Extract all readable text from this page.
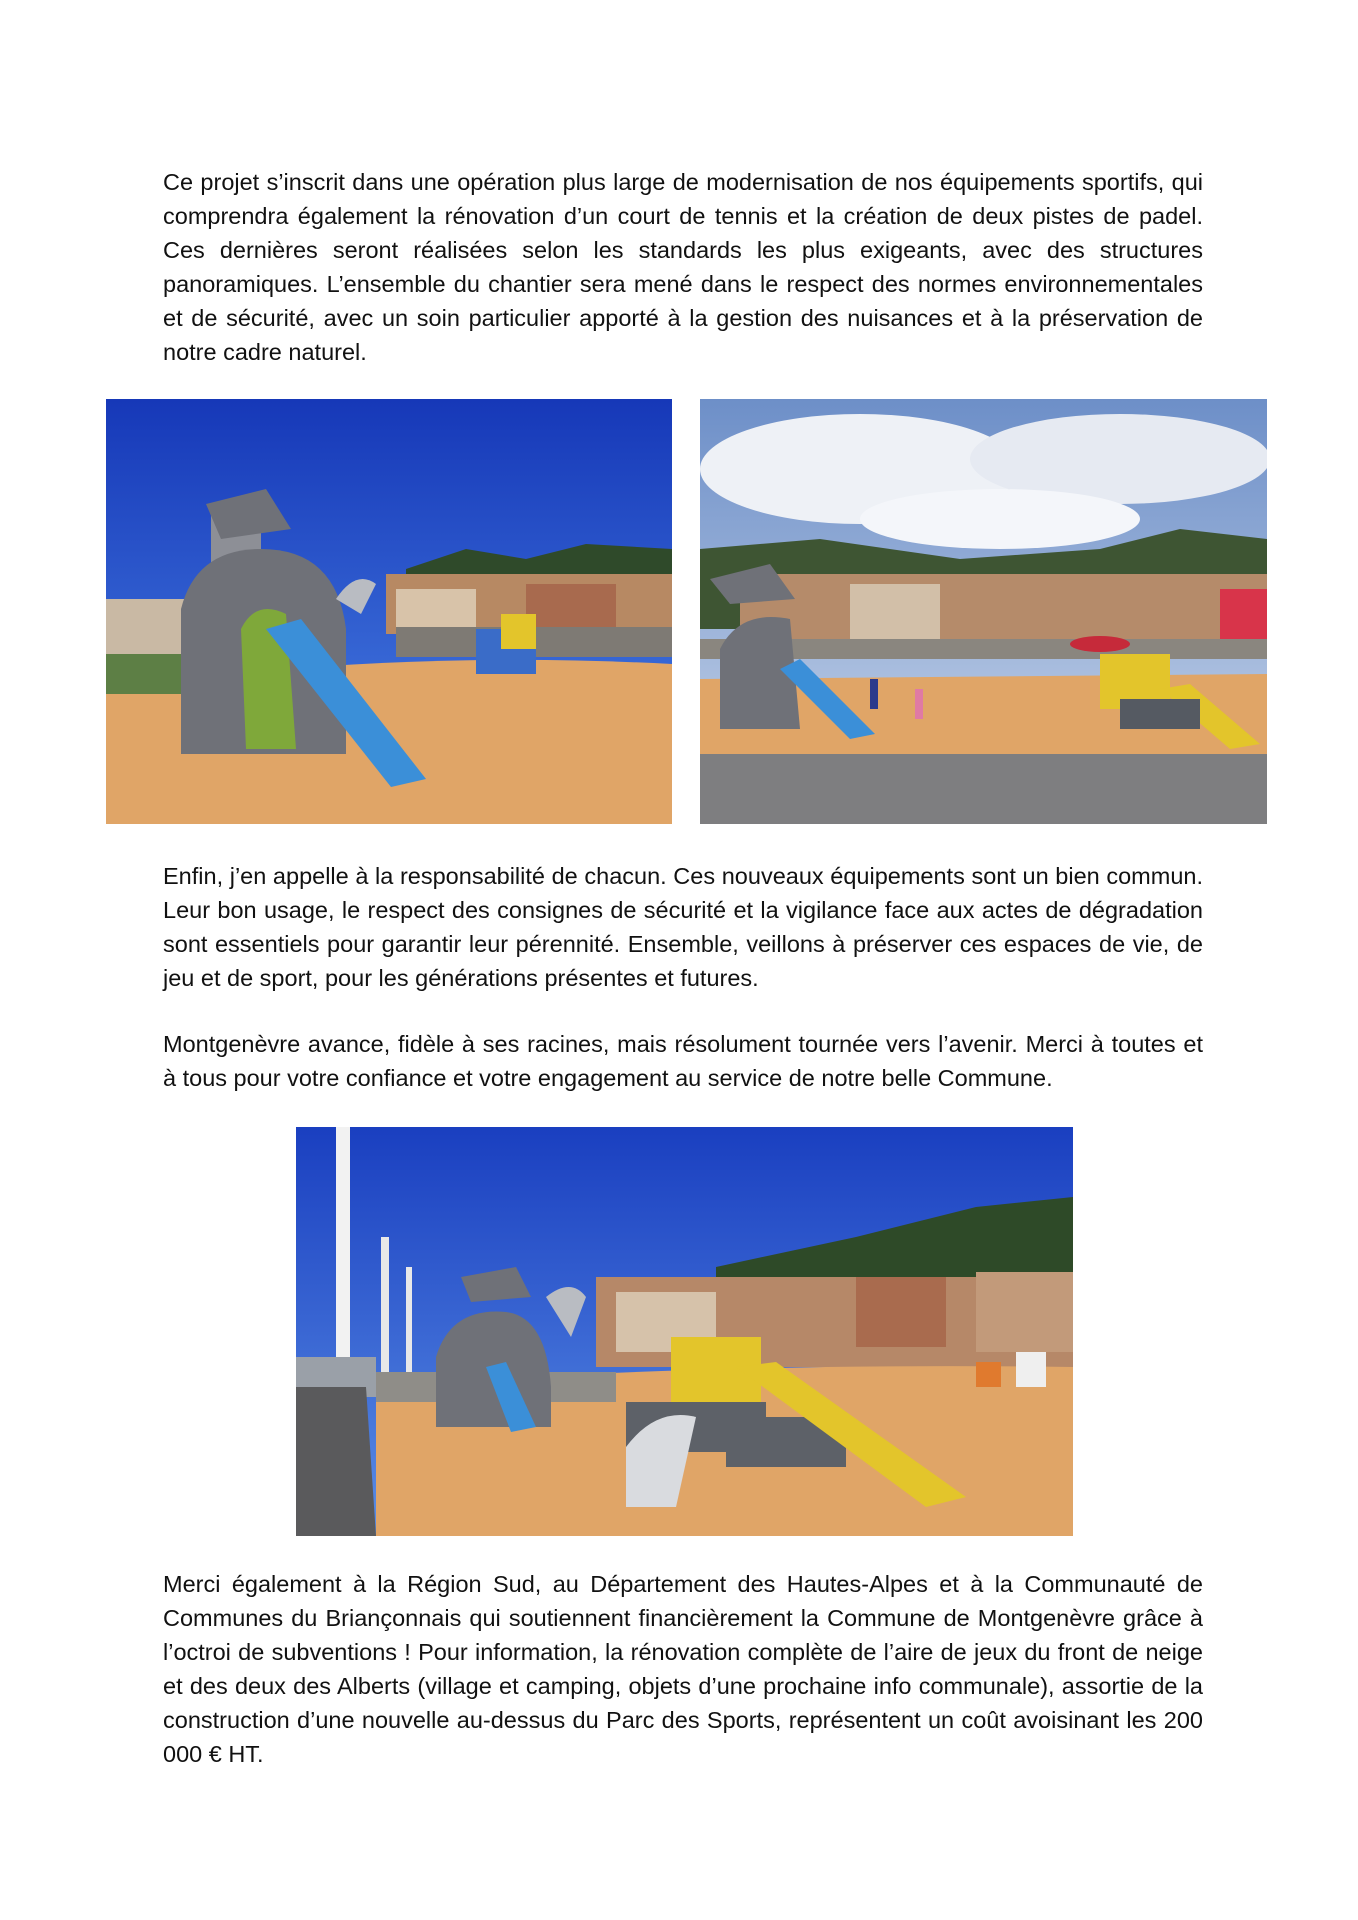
Ce projet s’inscrit dans une opération plus large de modernisation de nos équipements sportifs, qui comprendra également la rénovation d’un court de tennis et la création de deux pistes de padel. Ces dernières seront réalisées selon les standards les plus exigeants, avec des structures panoramiques. L’ensemble du chantier sera mené dans le respect des normes environnementales et de sécurité, avec un soin particulier apporté à la gestion des nuisances et à la préservation de notre cadre naturel.

Enfin, j’en appelle à la responsabilité de chacun. Ces nouveaux équipements sont un bien commun. Leur bon usage, le respect des consignes de sécurité et la vigilance face aux actes de dégradation sont essentiels pour garantir leur pérennité. Ensemble, veillons à préserver ces espaces de vie, de jeu et de sport, pour les générations présentes et futures.

Montgenèvre avance, fidèle à ses racines, mais résolument tournée vers l’avenir. Merci à toutes et à tous pour votre confiance et votre engagement au service de notre belle Commune.

Merci également à la Région Sud, au Département des Hautes-Alpes et à la Communauté de Communes du Briançonnais qui soutiennent financièrement la Commune de Montgenèvre grâce à l’octroi de subventions ! Pour information, la rénovation complète de l’aire de jeux du front de neige et des deux des Alberts (village et camping, objets d’une prochaine info communale), assortie de la construction d’une nouvelle au-dessus du Parc des Sports, représentent un coût avoisinant les 200 000 € HT.
